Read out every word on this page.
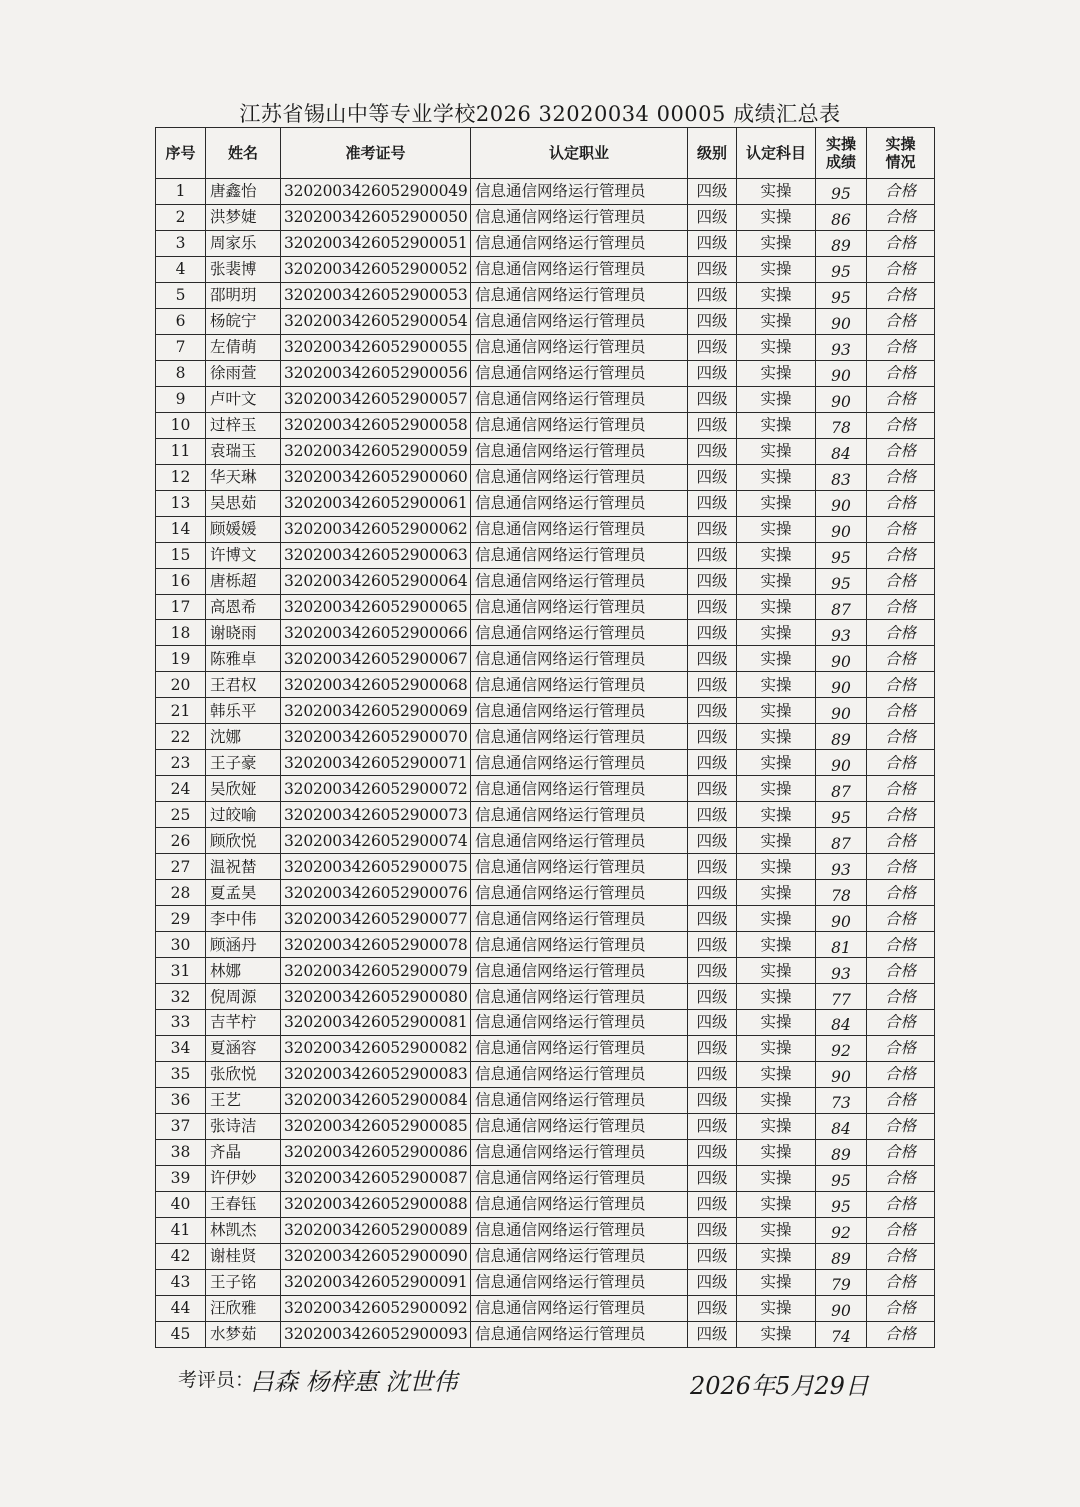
江苏省锡山中等专业学校2026 32020034 00005 成绩汇总表
序号	姓名	准考证号	认定职业	级别	认定科目	实操成绩	实操情况
1	唐鑫怡	3202003426052900049	信息通信网络运行管理员	四级	实操	95	合格
2	洪梦婕	3202003426052900050	信息通信网络运行管理员	四级	实操	86	合格
3	周家乐	3202003426052900051	信息通信网络运行管理员	四级	实操	89	合格
4	张裴博	3202003426052900052	信息通信网络运行管理员	四级	实操	95	合格
5	邵明玥	3202003426052900053	信息通信网络运行管理员	四级	实操	95	合格
6	杨皖宁	3202003426052900054	信息通信网络运行管理员	四级	实操	90	合格
7	左倩萌	3202003426052900055	信息通信网络运行管理员	四级	实操	93	合格
8	徐雨萱	3202003426052900056	信息通信网络运行管理员	四级	实操	90	合格
9	卢叶文	3202003426052900057	信息通信网络运行管理员	四级	实操	90	合格
10	过梓玉	3202003426052900058	信息通信网络运行管理员	四级	实操	78	合格
11	袁瑞玉	3202003426052900059	信息通信网络运行管理员	四级	实操	84	合格
12	华天琳	3202003426052900060	信息通信网络运行管理员	四级	实操	83	合格
13	吴思茹	3202003426052900061	信息通信网络运行管理员	四级	实操	90	合格
14	顾媛媛	3202003426052900062	信息通信网络运行管理员	四级	实操	90	合格
15	许博文	3202003426052900063	信息通信网络运行管理员	四级	实操	95	合格
16	唐栎超	3202003426052900064	信息通信网络运行管理员	四级	实操	95	合格
17	高恩希	3202003426052900065	信息通信网络运行管理员	四级	实操	87	合格
18	谢晓雨	3202003426052900066	信息通信网络运行管理员	四级	实操	93	合格
19	陈雅卓	3202003426052900067	信息通信网络运行管理员	四级	实操	90	合格
20	王君权	3202003426052900068	信息通信网络运行管理员	四级	实操	90	合格
21	韩乐平	3202003426052900069	信息通信网络运行管理员	四级	实操	90	合格
22	沈娜	3202003426052900070	信息通信网络运行管理员	四级	实操	89	合格
23	王子豪	3202003426052900071	信息通信网络运行管理员	四级	实操	90	合格
24	吴欣娅	3202003426052900072	信息通信网络运行管理员	四级	实操	87	合格
25	过皎喻	3202003426052900073	信息通信网络运行管理员	四级	实操	95	合格
26	顾欣悦	3202003426052900074	信息通信网络运行管理员	四级	实操	87	合格
27	温祝榃	3202003426052900075	信息通信网络运行管理员	四级	实操	93	合格
28	夏孟昊	3202003426052900076	信息通信网络运行管理员	四级	实操	78	合格
29	李中伟	3202003426052900077	信息通信网络运行管理员	四级	实操	90	合格
30	顾涵丹	3202003426052900078	信息通信网络运行管理员	四级	实操	81	合格
31	林娜	3202003426052900079	信息通信网络运行管理员	四级	实操	93	合格
32	倪周源	3202003426052900080	信息通信网络运行管理员	四级	实操	77	合格
33	吉芊柠	3202003426052900081	信息通信网络运行管理员	四级	实操	84	合格
34	夏涵容	3202003426052900082	信息通信网络运行管理员	四级	实操	92	合格
35	张欣悦	3202003426052900083	信息通信网络运行管理员	四级	实操	90	合格
36	王艺	3202003426052900084	信息通信网络运行管理员	四级	实操	73	合格
37	张诗洁	3202003426052900085	信息通信网络运行管理员	四级	实操	84	合格
38	齐晶	3202003426052900086	信息通信网络运行管理员	四级	实操	89	合格
39	许伊妙	3202003426052900087	信息通信网络运行管理员	四级	实操	95	合格
40	王春钰	3202003426052900088	信息通信网络运行管理员	四级	实操	95	合格
41	林凯杰	3202003426052900089	信息通信网络运行管理员	四级	实操	92	合格
42	谢桂贤	3202003426052900090	信息通信网络运行管理员	四级	实操	89	合格
43	王子铭	3202003426052900091	信息通信网络运行管理员	四级	实操	79	合格
44	汪欣雅	3202003426052900092	信息通信网络运行管理员	四级	实操	90	合格
45	水梦茹	3202003426052900093	信息通信网络运行管理员	四级	实操	74	合格
考评员：
吕森 杨梓惠 沈世伟	2026年5月29日
